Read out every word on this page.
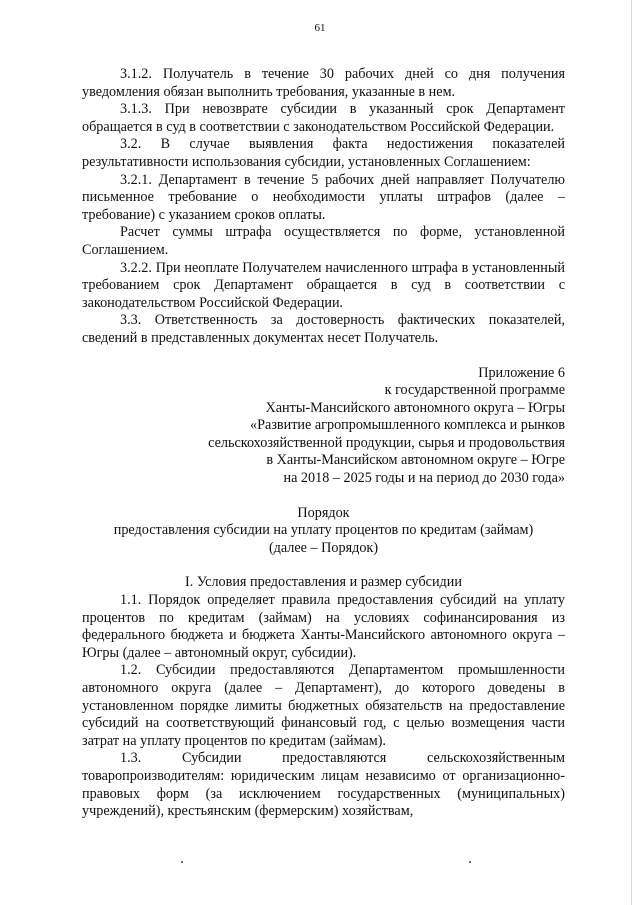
61

3.1.2. Получатель в течение 30 рабочих дней со дня получения уведомления обязан выполнить требования, указанные в нем.

3.1.3. При невозврате субсидии в указанный срок Департамент обращается в суд в соответствии с законодательством Российской Федерации.

3.2. В случае выявления факта недостижения показателей результативности использования субсидии, установленных Соглашением:

3.2.1. Департамент в течение 5 рабочих дней направляет Получателю письменное требование о необходимости уплаты штрафов (далее – требование) с указанием сроков оплаты.

Расчет суммы штрафа осуществляется по форме, установленной Соглашением.

3.2.2. При неоплате Получателем начисленного штрафа в установленный требованием срок Департамент обращается в суд в соответствии с законодательством Российской Федерации.

3.3. Ответственность за достоверность фактических показателей, сведений в представленных документах несет Получатель.

Приложение 6

к государственной программе

Ханты-Мансийского автономного округа – Югры

«Развитие агропромышленного комплекса и рынков

сельскохозяйственной продукции, сырья и продовольствия

в Ханты-Мансийском автономном округе – Югре

на 2018 – 2025 годы и на период до 2030 года»

Порядок

предоставления субсидии на уплату процентов по кредитам (займам)

(далее – Порядок)

I. Условия предоставления и размер субсидии

1.1. Порядок определяет правила предоставления субсидий на уплату процентов по кредитам (займам) на условиях софинансирования из федерального бюджета и бюджета Ханты-Мансийского автономного округа – Югры (далее – автономный округ, субсидии).

1.2. Субсидии предоставляются Департаментом промышленности автономного округа (далее – Департамент), до которого доведены в установленном порядке лимиты бюджетных обязательств на предоставление субсидий на соответствующий финансовый год, с целью возмещения части затрат на уплату процентов по кредитам (займам).

1.3. Субсидии предоставляются сельскохозяйственным товаропроизводителям: юридическим лицам независимо от организационно-правовых форм (за исключением государственных (муниципальных) учреждений), крестьянским (фермерским) хозяйствам,
